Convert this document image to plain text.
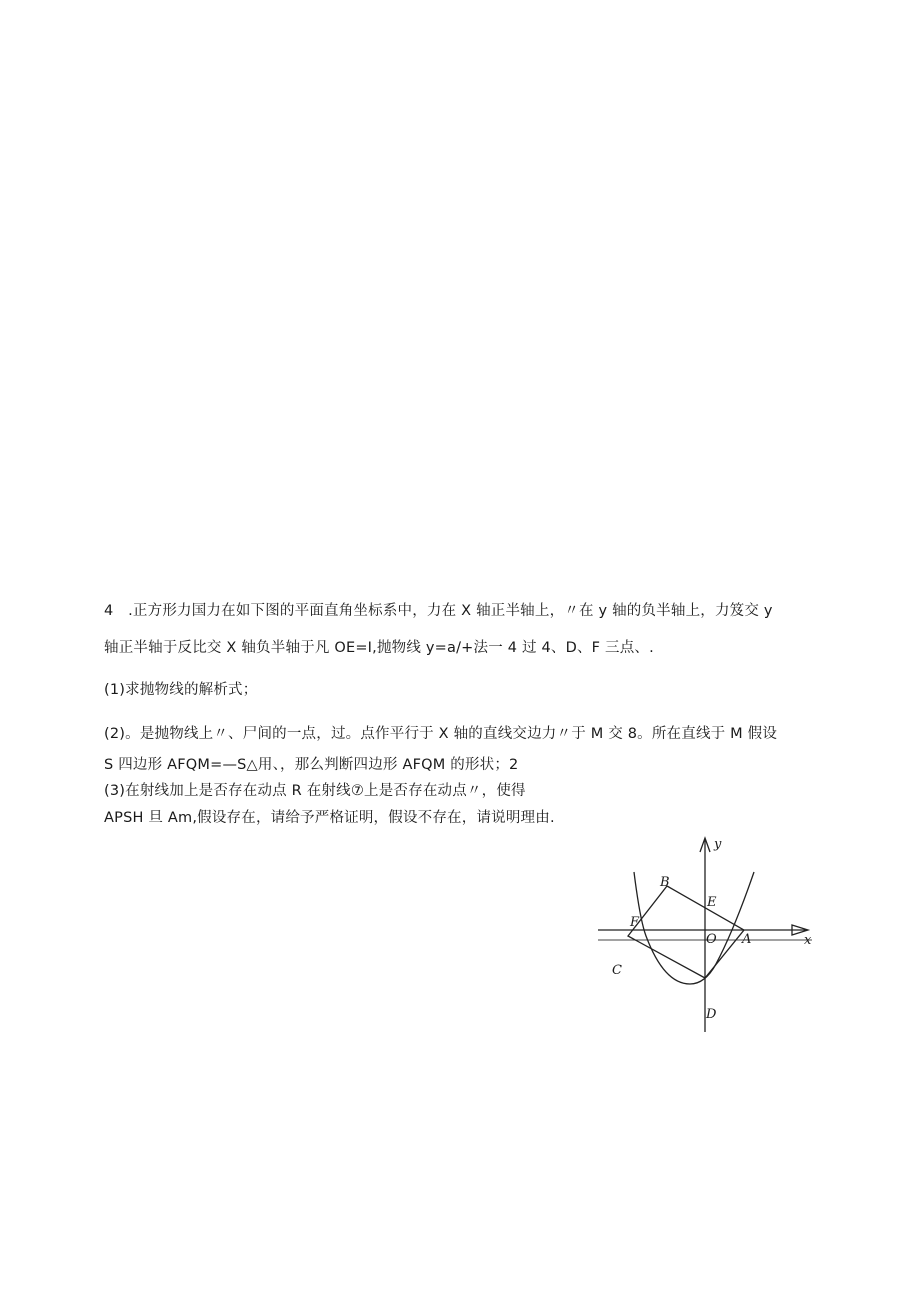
4　.正方形力国力在如下图的平面直角坐标系中，力在 X 轴正半轴上，〃在 y 轴的负半轴上，力笈交 y
轴正半轴于反比交 X 轴负半轴于凡 OE=I,抛物线 y=a∕+法一 4 过 4、D、F 三点、.
(1)求抛物线的解析式；
(2)。是抛物线上〃、尸间的一点，过。点作平行于 X 轴的直线交边力〃于 M 交 8。所在直线于 M 假设
S 四边形 AFQM=—S△用、，那么判断四边形 AFQM 的形状；2
(3)在射线加上是否存在动点 R 在射线⑦上是否存在动点〃，使得
APSH 旦 Am,假设存在，请给予严格证明，假设不存在，请说明理由.
y
x
B
E
F
O A
C
D
